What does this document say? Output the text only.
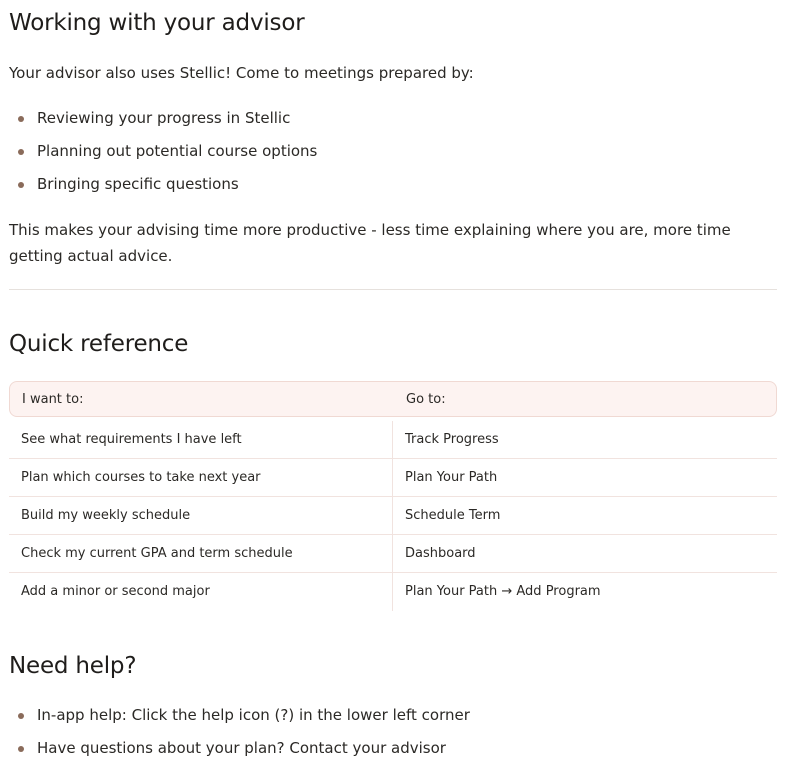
Working with your advisor

Your advisor also uses Stellic! Come to meetings prepared by:

Reviewing your progress in Stellic
Planning out potential course options
Bringing specific questions

This makes your advising time more productive - less time explaining where you are, more time getting actual advice.

Quick reference
I want to:	Go to:
See what requirements I have left	Track Progress
Plan which courses to take next year	Plan Your Path
Build my weekly schedule	Schedule Term
Check my current GPA and term schedule	Dashboard
Add a minor or second major	Plan Your Path → Add Program
Need help?
In-app help: Click the help icon (?) in the lower left corner
Have questions about your plan? Contact your advisor
